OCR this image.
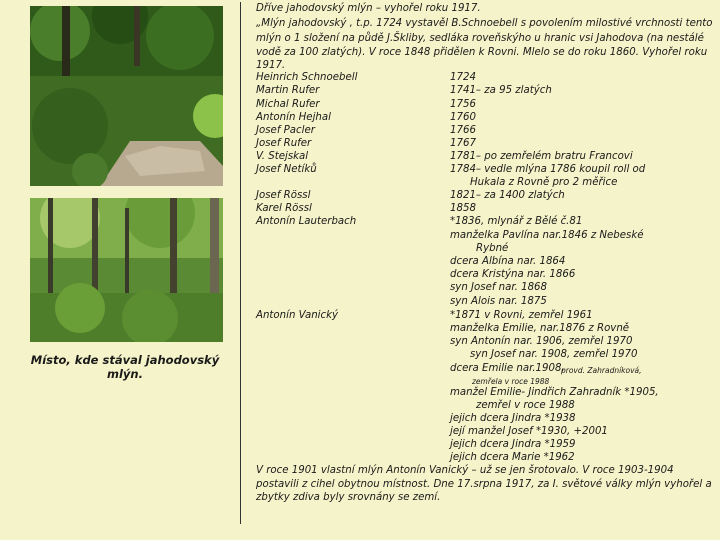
Místo, kde stával jahodovský mlýn.
Dříve jahodovský mlýn – vyhořel roku 1917.
„Mlýn jahodovský , t.p. 1724 vystavěl B.Schnoebell s povolením milostivé vrchnosti tento
mlýn o 1 složení na půdě J.Škliby, sedláka roveňskýho u hranic vsi Jahodova (na nestálé
vodě za 100 zlatých). V roce 1848 přidělen k Rovni. Mlelo se do roku 1860. Vyhořel roku
1917.
Heinrich Schnoebell
Martin Rufer
Michal Rufer
Antonín Hejhal
Josef Pacler
Josef Rufer
V. Stejskal
Josef Netíků
Josef Rössl
Karel Rössl
Antonín Lauterbach
Antonín Vanický
1724
1741– za 95 zlatých
1756
1760
1766
1767
1781– po zemřelém bratru Francovi
1784– vedle mlýna 1786 koupil roll od
Hukala z Rovně pro 2 měřice
1821– za 1400 zlatých
1858
*1836, mlynář z Bělé č.81
manželka Pavlína nar.1846 z Nebeské
Rybné
dcera Albína nar. 1864
dcera Kristýna nar. 1866
syn Josef nar. 1868
syn Alois nar. 1875
*1871 v Rovni, zemřel 1961
manželka Emilie, nar.1876 z Rovně
syn Antonín nar. 1906, zemřel 1970
syn Josef nar. 1908, zemřel 1970
dcera Emilie nar.1908,
provd. Zahradníková,
zemřela v roce 1988
manžel Emilie- Jindřich Zahradník *1905,
zemřel v roce 1988
jejich dcera Jindra *1938
její manžel Josef *1930, +2001
jejich dcera Jindra *1959
jejich dcera Marie *1962
V roce 1901 vlastní mlýn Antonín Vanický – už se jen šrotovalo. V roce 1903-1904
postavili z cihel obytnou místnost. Dne 17.srpna 1917, za I. světové války mlýn vyhořel a
zbytky zdiva byly srovnány se zemí.
